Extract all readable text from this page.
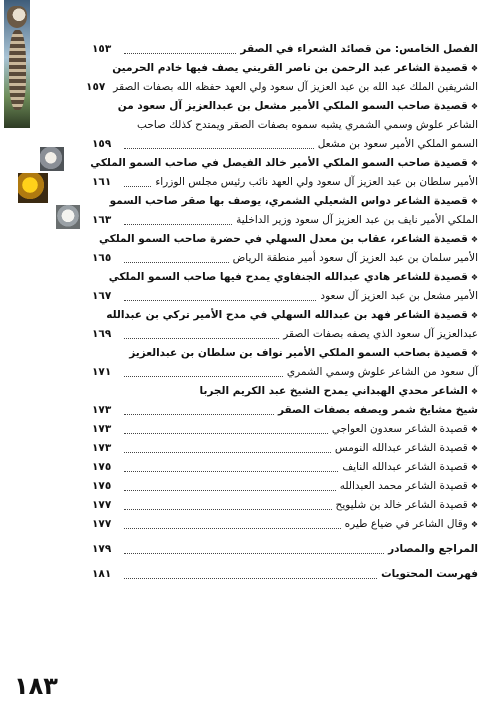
الفصل الخامس: من قصائد الشعراء في الصقر
١٥٣
❖
قصيدة الشاعر عبد الرحمن بن ناصر القريني يصف فيها خادم الحرمين
الشريفين الملك عبد الله بن عبد العزيز آل سعود ولي العهد حفظه الله بصفات الصقر
١٥٧
❖
قصيدة صاحب السمو الملكي الأمير مشعل بن عبدالعزيز آل سعود من
الشاعر علوش وسمي الشمري يشبه سموه بصفات الصقر ويمتدح كذلك صاحب
السمو الملكي الأمير سعود بن مشعل
١٥٩
❖
قصيدة صاحب السمو الملكي الأمير خالد الفيصل في صاحب السمو الملكي
الأمير سلطان بن عبد العزيز آل سعود ولي العهد نائب رئيس مجلس الوزراء
١٦١
❖
قصيدة الشاعر دواس الشعيلي الشمري، يوصف بها صقر صاحب السمو
الملكي الأمير نايف بن عبد العزيز آل سعود وزير الداخلية
١٦٣
❖
قصيدة الشاعر، عقاب بن معدل السهلي في حضرة صاحب السمو الملكي
الأمير سلمان بن عبد العزيز آل سعود أمير منطقة الرياض
١٦٥
❖
قصيدة للشاعر هادي عبدالله الجنفاوي يمدح فيها صاحب السمو الملكي
الأمير مشعل بن عبد العزيز آل سعود
١٦٧
❖
قصيدة الشاعر فهد بن عبدالله السهلي في مدح الأمير تركي بن عبدالله
عبدالعزيز آل سعود الذي يصفه بصفات الصقر
١٦٩
❖
قصيدة بصاحب السمو الملكي الأمير نواف بن سلطان بن عبدالعزيز
آل سعود من الشاعر علوش وسمي الشمري
١٧١
❖
الشاعر محدي الهبداني يمدح الشيخ عبد الكريم الجربا
شيخ مشايخ شمر ويصفه بصفات الصقر
١٧٣
❖
قصيدة الشاعر سعدون العواجي
١٧٣
❖
قصيدة الشاعر عبدالله النومس
١٧٣
❖
قصيدة الشاعر عبدالله النايف
١٧٥
❖
قصيدة الشاعر محمد العبدالله
١٧٥
❖
قصيدة الشاعر خالد بن شليويح
١٧٧
❖
وقال الشاعر في ضياع طيره
١٧٧
المراجع والمصادر
١٧٩
فهرست المحتويات
١٨١
١٨٣
